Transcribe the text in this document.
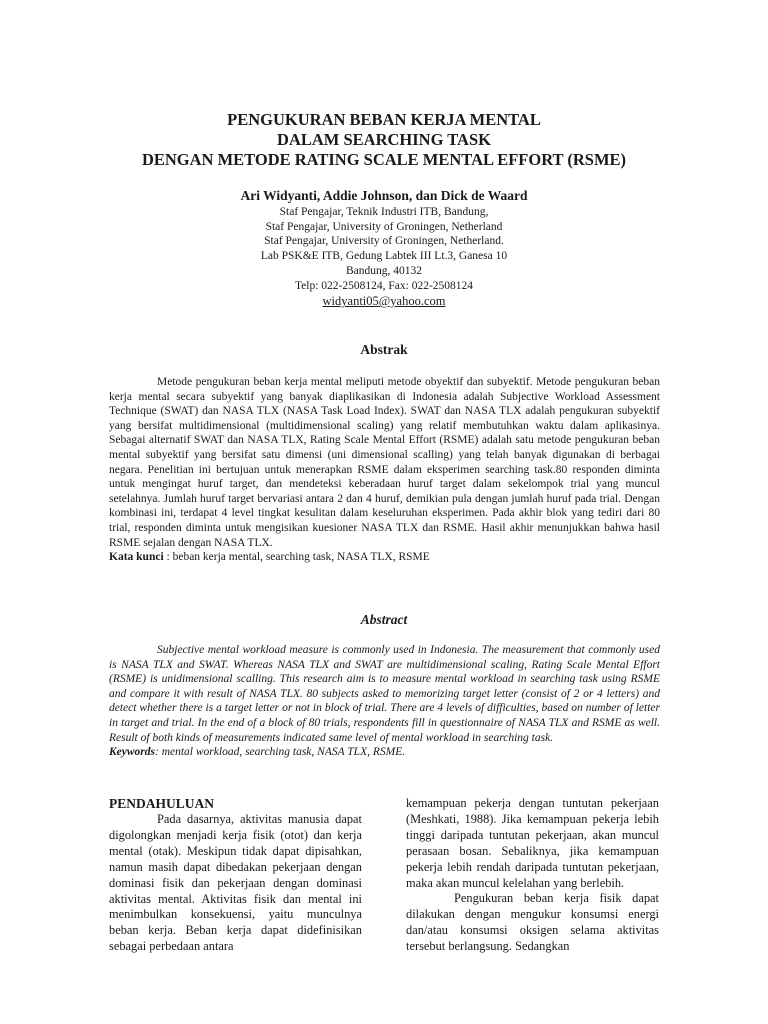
PENGUKURAN BEBAN KERJA MENTAL
DALAM SEARCHING TASK
DENGAN METODE RATING SCALE MENTAL EFFORT (RSME)
Ari Widyanti, Addie Johnson, dan Dick de Waard
Staf Pengajar, Teknik Industri ITB, Bandung,
Staf Pengajar, University of Groningen, Netherland
Staf Pengajar, University of Groningen, Netherland.
Lab PSK&E ITB, Gedung Labtek III Lt.3, Ganesa 10
Bandung, 40132
Telp: 022-2508124, Fax: 022-2508124
widyanti05@yahoo.com
Abstrak

Metode pengukuran beban kerja mental meliputi metode obyektif dan subyektif. Metode pengukuran beban kerja mental secara subyektif yang banyak diaplikasikan di Indonesia adalah Subjective Workload Assessment Technique (SWAT) dan NASA TLX (NASA Task Load Index). SWAT dan NASA TLX adalah pengukuran subyektif yang bersifat multidimensional (multidimensional scaling) yang relatif membutuhkan waktu dalam aplikasinya. Sebagai alternatif SWAT dan NASA TLX, Rating Scale Mental Effort (RSME) adalah satu metode pengukuran beban mental subyektif yang bersifat satu dimensi (uni dimensional scalling) yang telah banyak digunakan di berbagai negara. Penelitian ini bertujuan untuk menerapkan RSME dalam eksperimen searching task.80 responden diminta untuk mengingat huruf target, dan mendeteksi keberadaan huruf target dalam sekelompok trial yang muncul setelahnya. Jumlah huruf target bervariasi antara 2 dan 4 huruf, demikian pula dengan jumlah huruf pada trial. Dengan kombinasi ini, terdapat 4 level tingkat kesulitan dalam keseluruhan eksperimen. Pada akhir blok yang tediri dari 80 trial, responden diminta untuk mengisikan kuesioner NASA TLX dan RSME. Hasil akhir menunjukkan bahwa hasil RSME sejalan dengan NASA TLX.

Kata kunci : beban kerja mental, searching task, NASA TLX, RSME

Abstract

Subjective mental workload measure is commonly used in Indonesia. The measurement that commonly used is NASA TLX and SWAT. Whereas NASA TLX and SWAT are multidimensional scaling, Rating Scale Mental Effort (RSME) is unidimensional scalling. This research aim is to measure mental workload in searching task using RSME and compare it with result of NASA TLX. 80 subjects asked to memorizing target letter (consist of 2 or 4 letters) and detect whether there is a target letter or not in block of trial. There are 4 levels of difficulties, based on number of letter in target and trial. In the end of a block of 80 trials, respondents fill in questionnaire of NASA TLX and RSME as well. Result of both kinds of measurements indicated same level of mental workload in searching task.

Keywords: mental workload, searching task, NASA TLX, RSME.

PENDAHULUAN

Pada dasarnya, aktivitas manusia dapat digolongkan menjadi kerja fisik (otot) dan kerja mental (otak). Meskipun tidak dapat dipisahkan, namun masih dapat dibedakan pekerjaan dengan dominasi fisik dan pekerjaan dengan dominasi aktivitas mental. Aktivitas fisik dan mental ini menimbulkan konsekuensi, yaitu munculnya beban kerja. Beban kerja dapat didefinisikan sebagai perbedaan antara

kemampuan pekerja dengan tuntutan pekerjaan (Meshkati, 1988). Jika kemampuan pekerja lebih tinggi daripada tuntutan pekerjaan, akan muncul perasaan bosan. Sebaliknya, jika kemampuan pekerja lebih rendah daripada tuntutan pekerjaan, maka akan muncul kelelahan yang berlebih.

Pengukuran beban kerja fisik dapat dilakukan dengan mengukur konsumsi energi dan/atau konsumsi oksigen selama aktivitas tersebut berlangsung. Sedangkan
